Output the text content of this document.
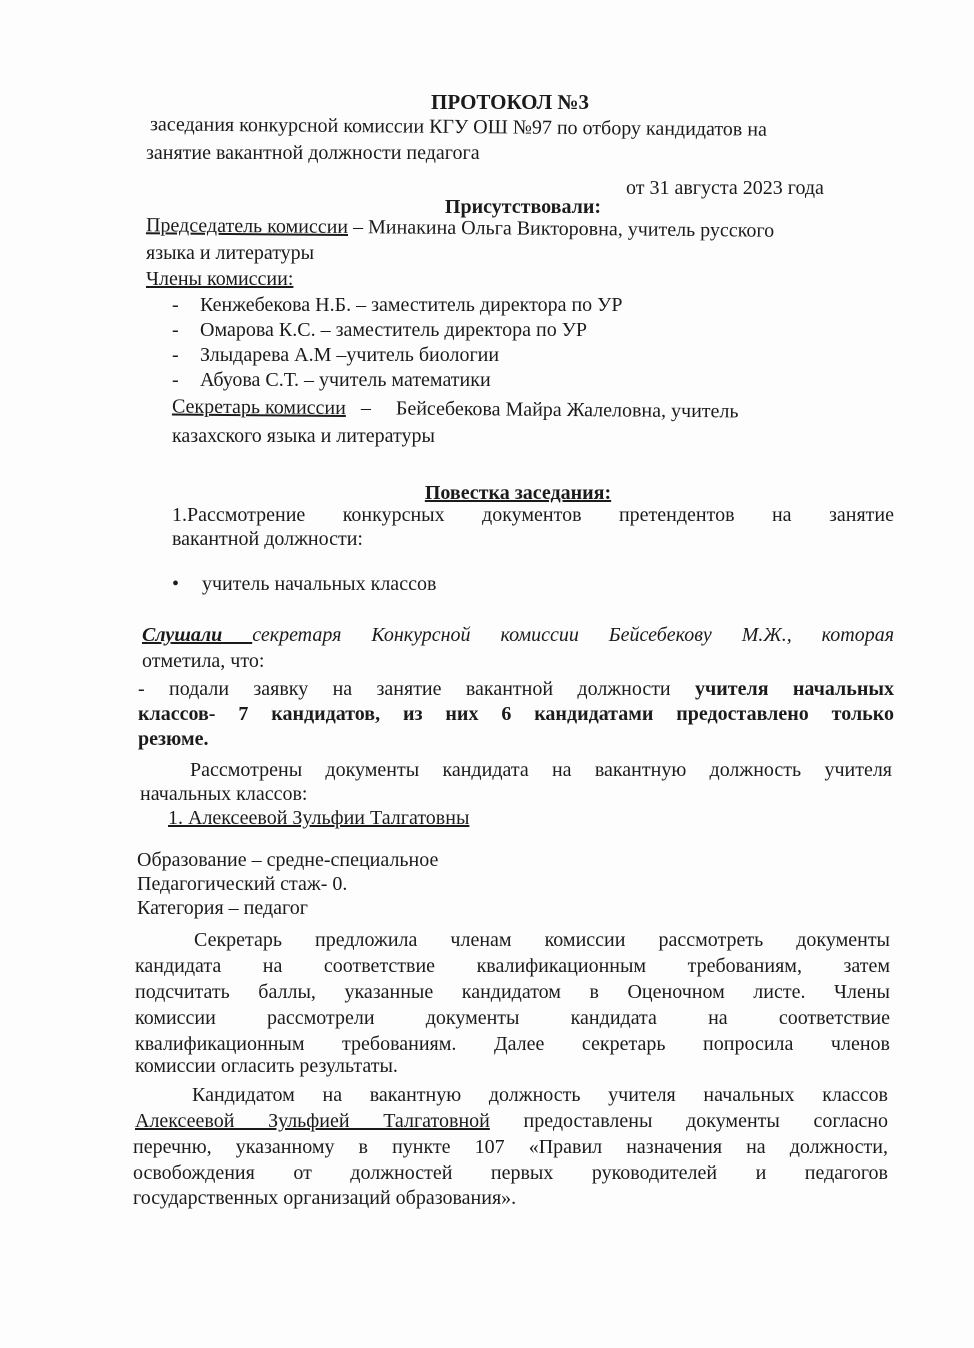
ПРОТОКОЛ №3

заседания конкурсной комиссии КГУ ОШ №97 по отбору кандидатов на

занятие вакантной должности педагога

от 31 августа 2023 года

Присутствовали:

Председатель комиссии – Минакина Ольга Викторовна, учитель русского

языка и литературы

Члены комиссии:

- Кенжебекова Н.Б. – заместитель директора по УР

- Омарова К.С. – заместитель директора по УР

- Злыдарева А.М –учитель биологии

- Абуова С.Т. – учитель математики

Секретарь комиссии   –     Бейсебекова Майра Жалеловна, учитель

казахского языка и литературы

Повестка заседания:

1.Рассмотрение конкурсных документов претендентов на занятие

вакантной должности:

• учитель начальных классов

Слушали секретаря Конкурсной комиссии Бейсебекову М.Ж., которая

отметила, что:

- подали заявку на занятие вакантной должности учителя начальных

классов- 7 кандидатов, из них 6 кандидатами предоставлено только

резюме.

Рассмотрены документы кандидата на вакантную должность учителя

начальных классов:

1. Алексеевой Зульфии Талгатовны

Образование – средне-специальное

Педагогический стаж- 0.

Категория – педагог

Секретарь предложила членам комиссии рассмотреть документы

кандидата на соответствие квалификационным требованиям, затем

подсчитать баллы, указанные кандидатом в Оценочном листе. Члены

комиссии рассмотрели документы кандидата на соответствие

квалификационным требованиям. Далее секретарь попросила членов

комиссии огласить результаты.

Кандидатом на вакантную должность учителя начальных классов

Алексеевой Зульфией Талгатовной предоставлены документы согласно

перечню, указанному в пункте 107 «Правил назначения на должности,

освобождения от должностей первых руководителей и педагогов

государственных организаций образования».
